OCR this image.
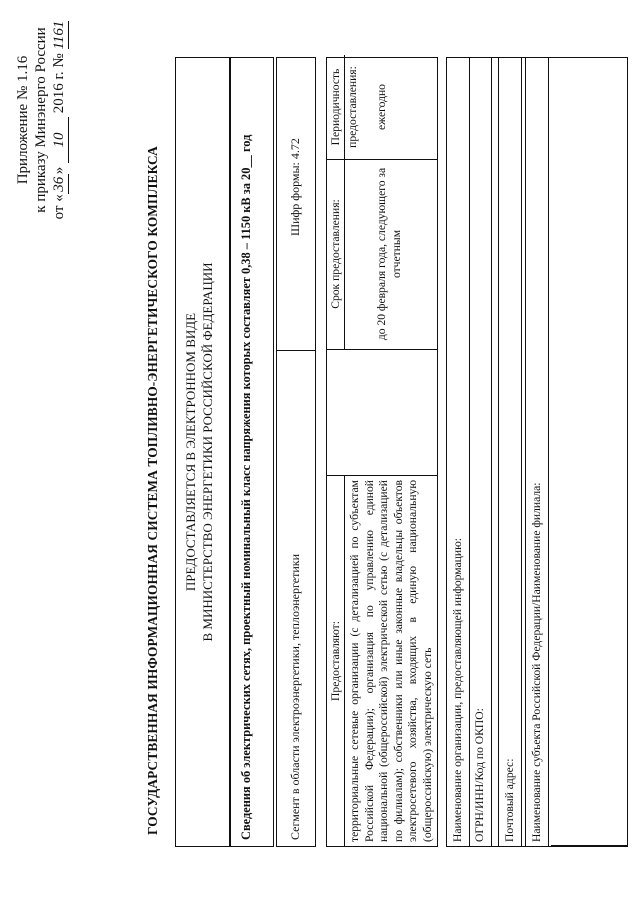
Приложение № 1.16 к приказу Минэнерго России от «36» 10 2016 г. № 1161
ГОСУДАРСТВЕННАЯ ИНФОРМАЦИОННАЯ СИСТЕМА ТОПЛИВНО-ЭНЕРГЕТИЧЕСКОГО КОМПЛЕКСА ПРЕДОСТАВЛЯЕТСЯ В ЭЛЕКТРОННОМ ВИДЕ В МИНИСТЕРСТВО ЭНЕРГЕТИКИ РОССИЙСКОЙ ФЕДЕРАЦИИ	Сведения об электрических сетях, проектный номинальный класс напряжения которых составляет 0,38 – 1150 кВ за 20__ год	Сегмент в области электроэнергетики, теплоэнергетики
Шифр формы: 4.72
Предоставляют: территориальные сетевые организации (с детализацией по субъектам Российской Федерации); организация по управлению единой национальной (общероссийской) электрической сетью (с детализацией по филиалам); собственники или иные законные владельцы объектов электросетевого хозяйства, входящих в единую национальную (общероссийскую) электрическую сеть
Срок предоставления:	до 20 февраля года, следующего за отчетным
Периодичность предоставления: ежегодно
Наименование организации, предоставляющей информацию: ОГРН/ИНН/Код по ОКПО:	Почтовый адрес:	Наименование субъекта Российской Федерации/Наименование филиала:
